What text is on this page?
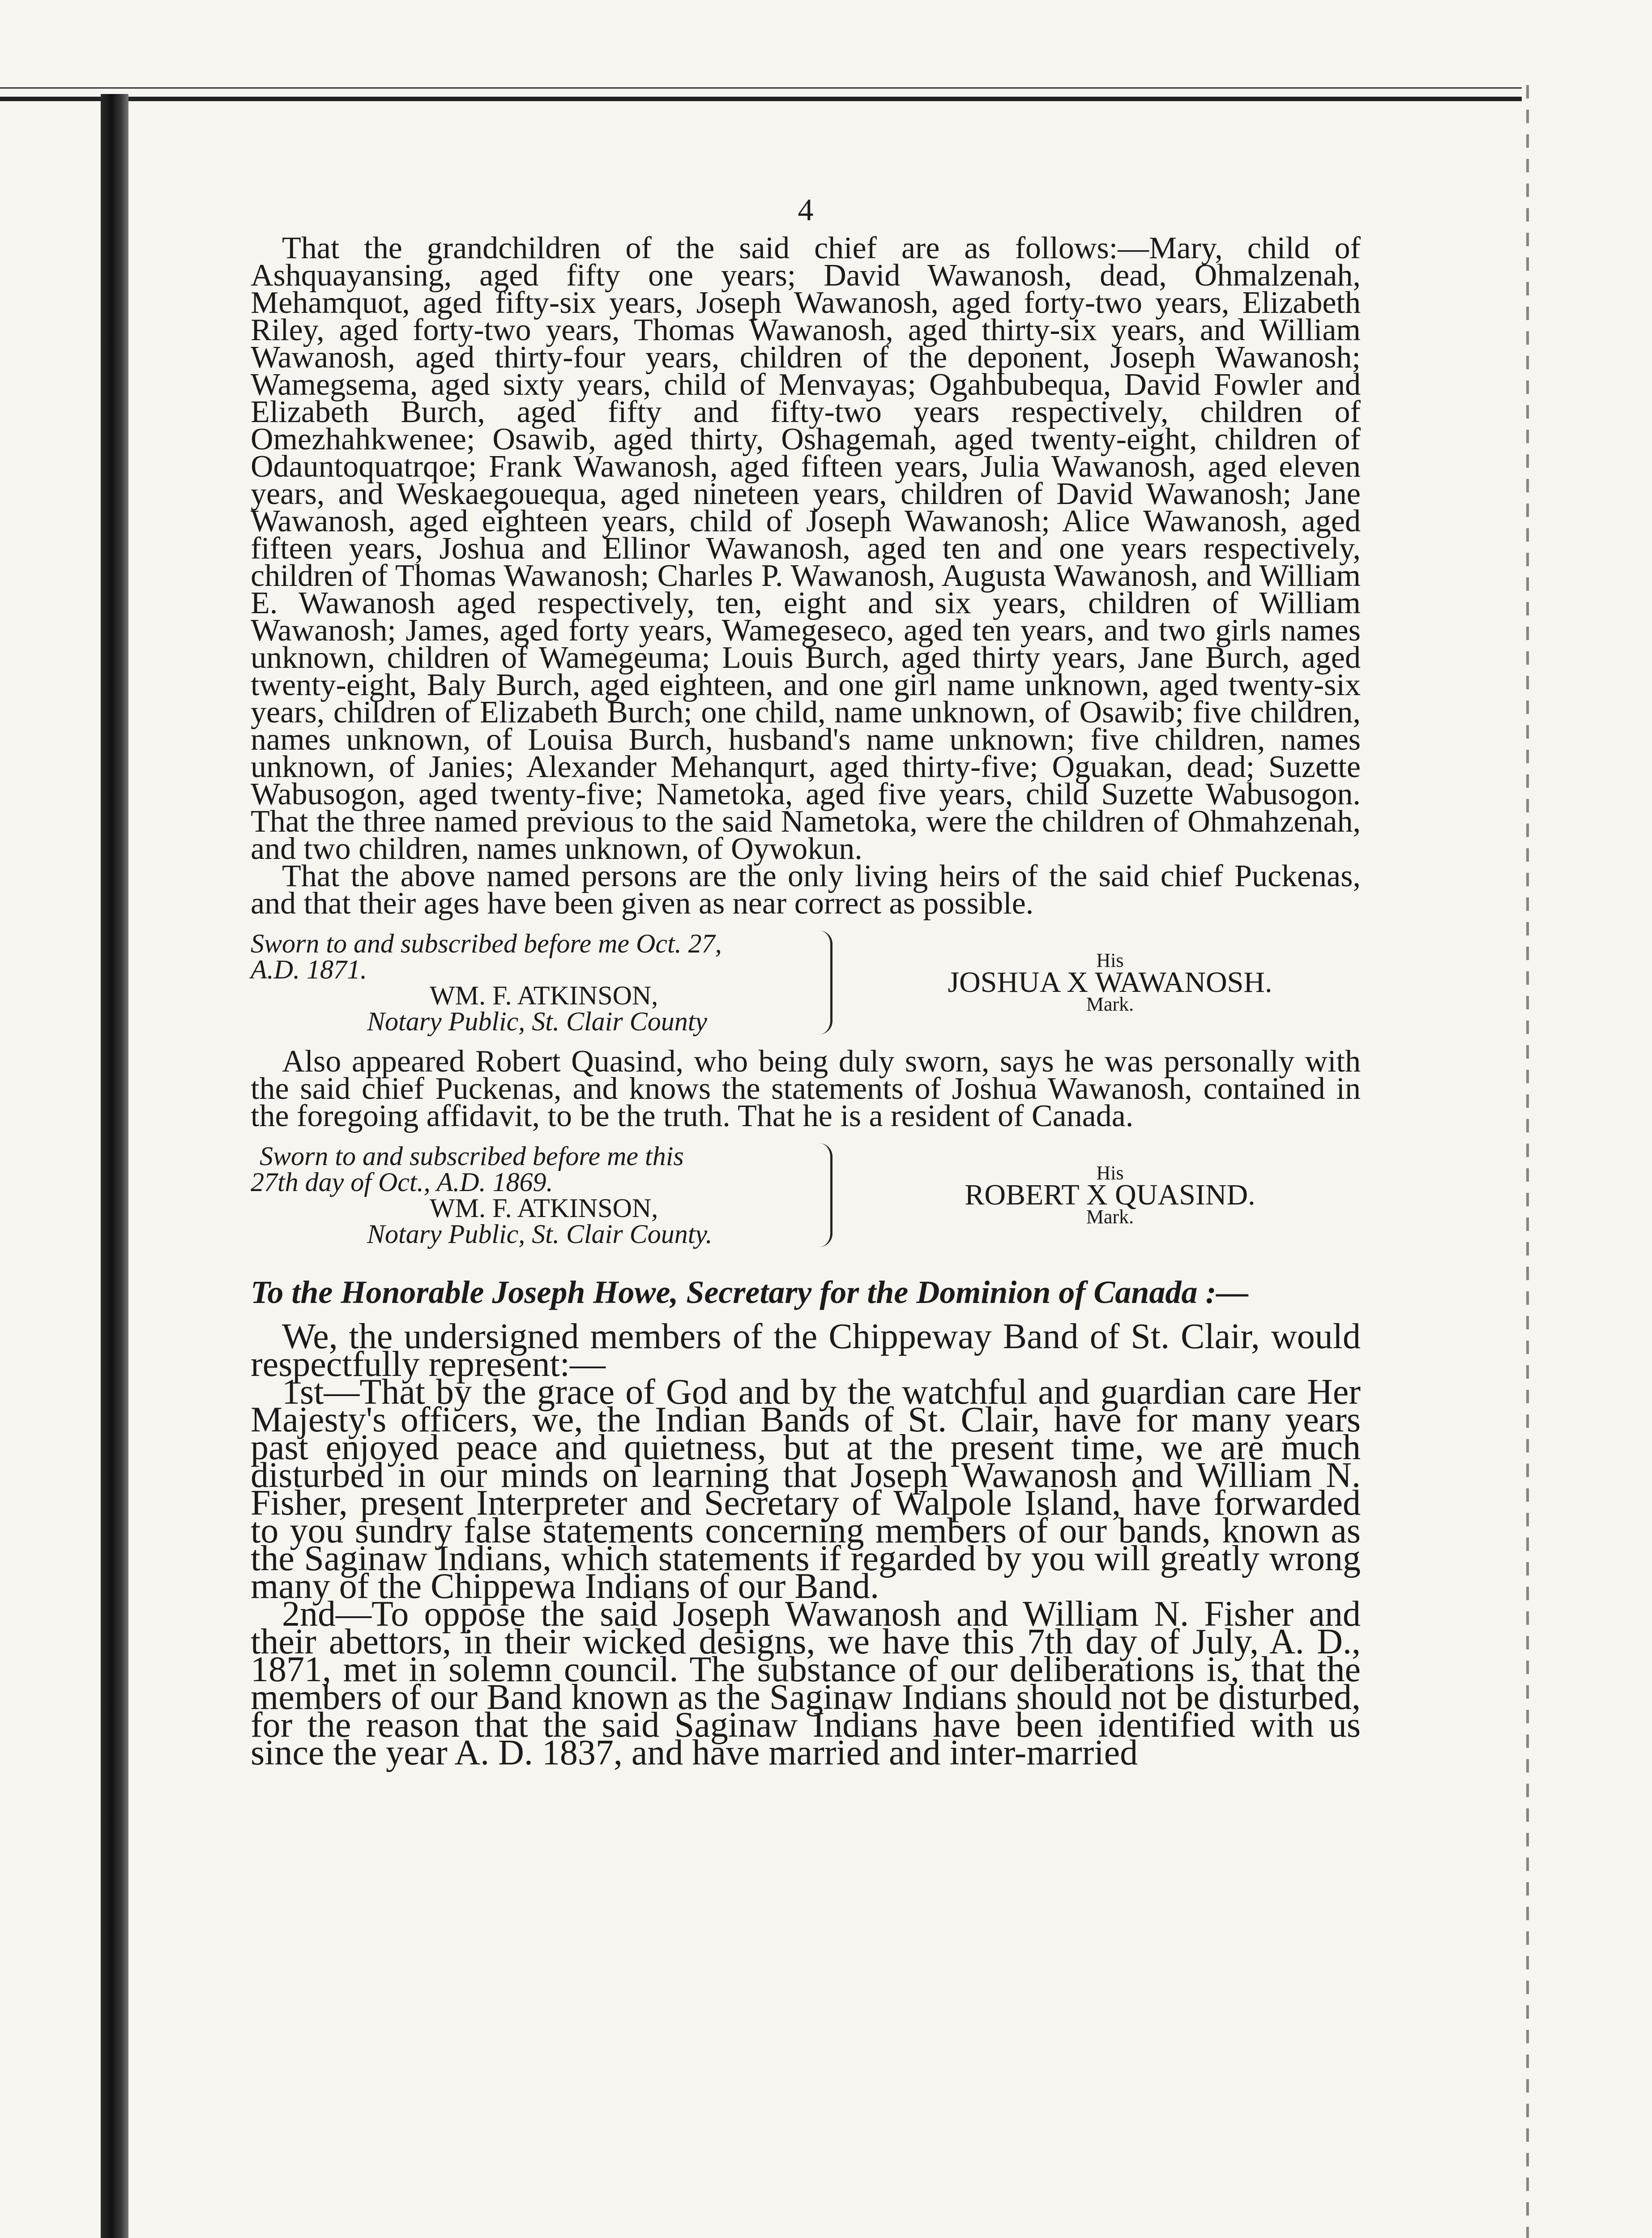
4

That the grandchildren of the said chief are as follows:—Mary, child of Ashquayansing, aged fifty one years; David Wawanosh, dead, Ohmalzenah, Mehamquot, aged fifty-six years, Joseph Wawanosh, aged forty-two years, Elizabeth Riley, aged forty-two years, Thomas Wawanosh, aged thirty-six years, and William Wawanosh, aged thirty-four years, children of the deponent, Joseph Wawanosh; Wamegsema, aged sixty years, child of Menvayas; Ogahbubequa, David Fowler and Elizabeth Burch, aged fifty and fifty-two years respectively, children of Omezhahkwenee; Osawib, aged thirty, Oshagemah, aged twenty-eight, children of Odauntoquatrqoe; Frank Wawanosh, aged fifteen years, Julia Wawanosh, aged eleven years, and Weskaegouequa, aged nineteen years, children of David Wawanosh; Jane Wawanosh, aged eighteen years, child of Joseph Wawanosh; Alice Wawanosh, aged fifteen years, Joshua and Ellinor Wawanosh, aged ten and one years respectively, children of Thomas Wawanosh; Charles P. Wawanosh, Augusta Wawanosh, and William E. Wawanosh aged respectively, ten, eight and six years, children of William Wawanosh; James, aged forty years, Wamegeseco, aged ten years, and two girls names unknown, children of Wamegeuma; Louis Burch, aged thirty years, Jane Burch, aged twenty-eight, Baly Burch, aged eighteen, and one girl name unknown, aged twenty-six years, children of Elizabeth Burch; one child, name unknown, of Osawib; five children, names unknown, of Louisa Burch, husband's name unknown; five children, names unknown, of Janies; Alexander Mehanqurt, aged thirty-five; Oguakan, dead; Suzette Wabusogon, aged twenty-five; Nametoka, aged five years, child Suzette Wabusogon. That the three named previous to the said Nametoka, were the children of Ohmahzenah, and two children, names unknown, of Oywokun.

That the above named persons are the only living heirs of the said chief Puckenas, and that their ages have been given as near correct as possible.

Sworn to and subscribed before me Oct. 27,
A.D. 1871.
WM. F. ATKINSON,
Notary Public, St. Clair County
His
JOSHUA X WAWANOSH.
Mark.

Also appeared Robert Quasind, who being duly sworn, says he was personally with the said chief Puckenas, and knows the statements of Joshua Wawanosh, contained in the foregoing affidavit, to be the truth. That he is a resident of Canada.

Sworn to and subscribed before me this
27th day of Oct., A.D. 1869.
WM. F. ATKINSON,
Notary Public, St. Clair County.
His
ROBERT X QUASIND.
Mark.
To the Honorable Joseph Howe, Secretary for the Dominion of Canada :—

We, the undersigned members of the Chippeway Band of St. Clair, would respectfully represent:—

1st—That by the grace of God and by the watchful and guardian care Her Majesty's officers, we, the Indian Bands of St. Clair, have for many years past enjoyed peace and quietness, but at the present time, we are much disturbed in our minds on learning that Joseph Wawanosh and William N. Fisher, present Interpreter and Secretary of Walpole Island, have forwarded to you sundry false statements concerning members of our bands, known as the Saginaw Indians, which statements if regarded by you will greatly wrong many of the Chippewa Indians of our Band.

2nd—To oppose the said Joseph Wawanosh and William N. Fisher and their abettors, in their wicked designs, we have this 7th day of July, A. D., 1871, met in solemn council. The substance of our deliberations is, that the members of our Band known as the Saginaw Indians should not be disturbed, for the reason that the said Saginaw Indians have been identified with us since the year A. D. 1837, and have married and inter-married
